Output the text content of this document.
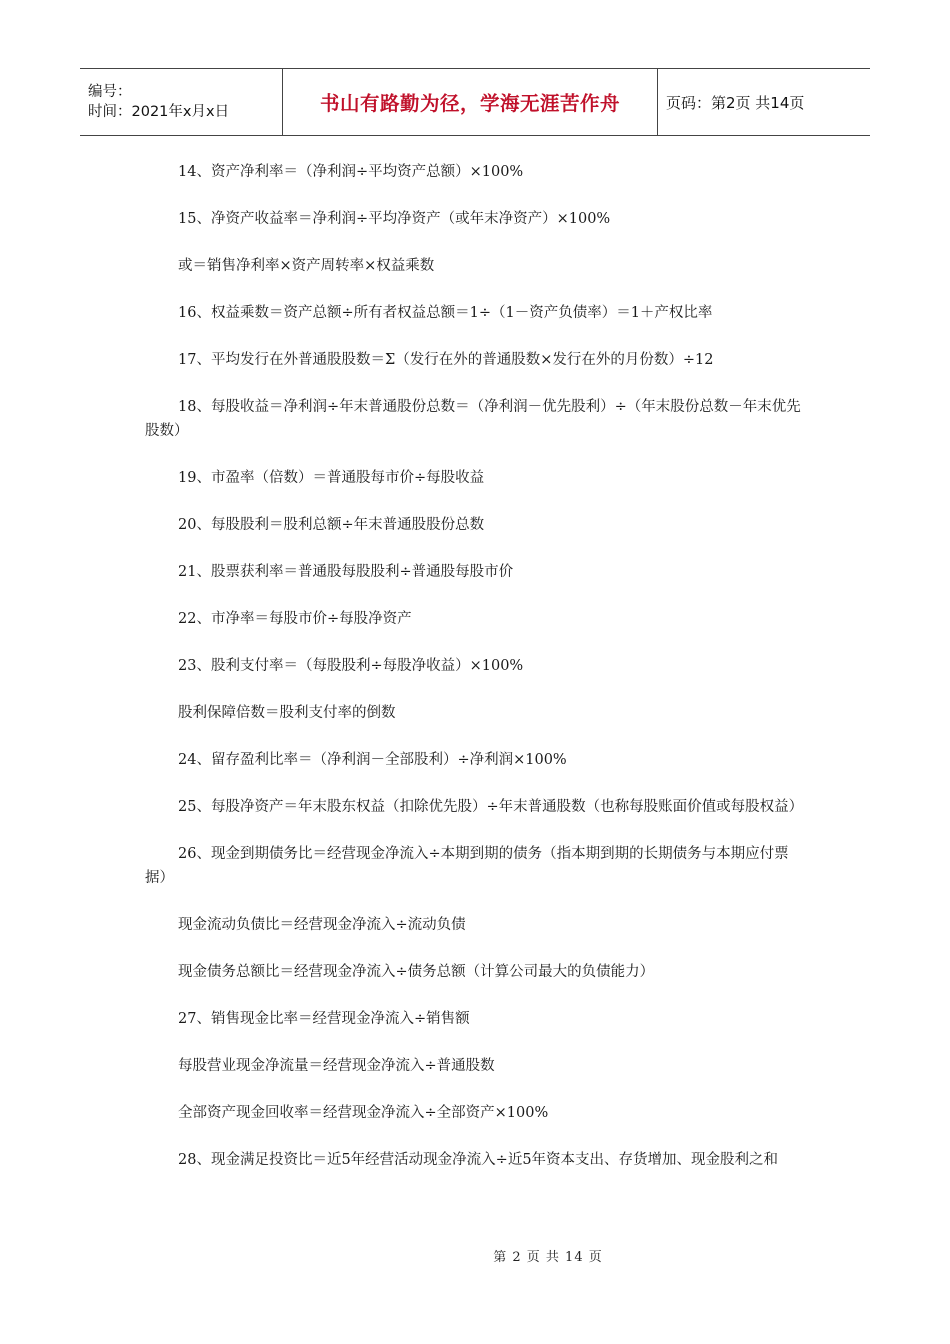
编号：
时间：2021年x月x日	书山有路勤为径，学海无涯苦作舟	页码：第2页 共14页

14、资产净利率＝（净利润÷平均资产总额）×100%

15、净资产收益率＝净利润÷平均净资产（或年末净资产）×100%

或＝销售净利率×资产周转率×权益乘数

16、权益乘数＝资产总额÷所有者权益总额＝1÷（1－资产负债率）＝1＋产权比率

17、平均发行在外普通股股数＝Σ（发行在外的普通股数×发行在外的月份数）÷12

18、每股收益＝净利润÷年末普通股份总数＝（净利润－优先股利）÷（年末股份总数－年末优先股数）

19、市盈率（倍数）＝普通股每市价÷每股收益

20、每股股利＝股利总额÷年末普通股股份总数

21、股票获利率＝普通股每股股利÷普通股每股市价

22、市净率＝每股市价÷每股净资产

23、股利支付率＝（每股股利÷每股净收益）×100%

股利保障倍数＝股利支付率的倒数

24、留存盈利比率＝（净利润－全部股利）÷净利润×100%

25、每股净资产＝年末股东权益（扣除优先股）÷年末普通股数（也称每股账面价值或每股权益）

26、现金到期债务比＝经营现金净流入÷本期到期的债务（指本期到期的长期债务与本期应付票据）

现金流动负债比＝经营现金净流入÷流动负债

现金债务总额比＝经营现金净流入÷债务总额（计算公司最大的负债能力）

27、销售现金比率＝经营现金净流入÷销售额

每股营业现金净流量＝经营现金净流入÷普通股数

全部资产现金回收率＝经营现金净流入÷全部资产×100%

28、现金满足投资比＝近5年经营活动现金净流入÷近5年资本支出、存货增加、现金股利之和

第 2 页 共 14 页
